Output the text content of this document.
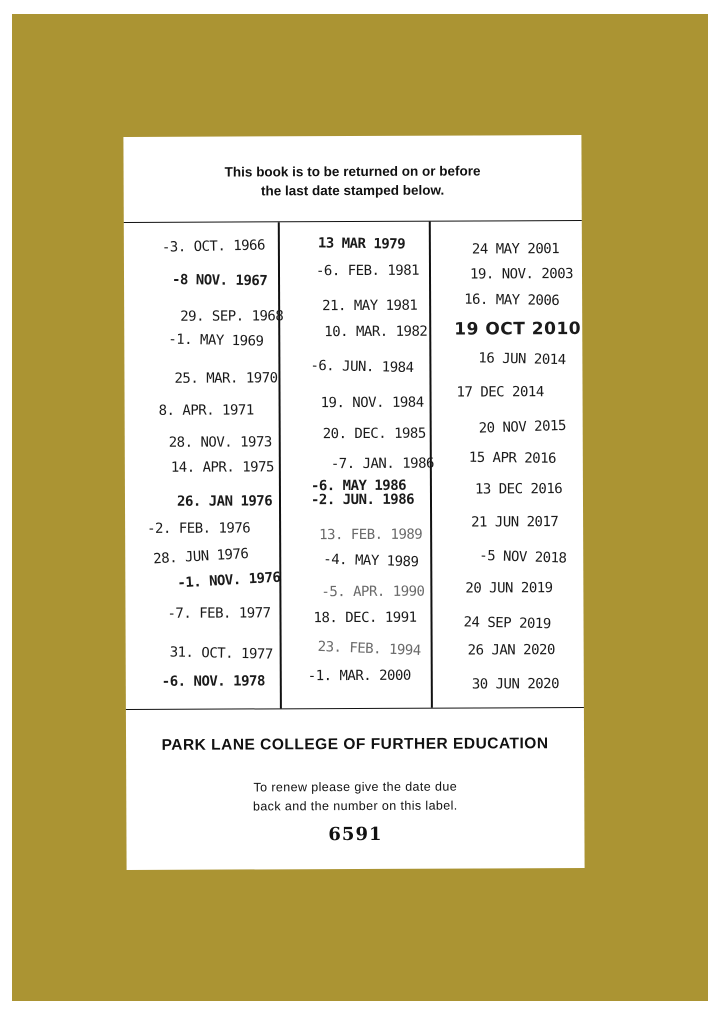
This book is to be returned on or before
the last date stamped below.
-3. OCT. 1966
-8 NOV. 1967
29. SEP. 1968
-1. MAY 1969
25. MAR. 1970
8. APR. 1971
28. NOV. 1973
14. APR. 1975
26. JAN 1976
-2. FEB. 1976
28. JUN 1976
-1. NOV. 1976
-7. FEB. 1977
31. OCT. 1977
-6. NOV. 1978
13 MAR 1979
-6. FEB. 1981
21. MAY 1981
10. MAR. 1982
-6. JUN. 1984
19. NOV. 1984
20. DEC. 1985
-7. JAN. 1986
-6. MAY 1986
-2. JUN. 1986
13. FEB. 1989
-4. MAY 1989
-5. APR. 1990
18. DEC. 1991
23. FEB. 1994
-1. MAR. 2000
24 MAY 2001
19. NOV. 2003
16. MAY 2006
19 OCT 2010
16 JUN 2014
17 DEC 2014
20 NOV 2015
15 APR 2016
13 DEC 2016
21 JUN 2017
-5 NOV 2018
20 JUN 2019
24 SEP 2019
26 JAN 2020
30 JUN 2020
PARK LANE COLLEGE OF FURTHER EDUCATION
To renew please give the date due
back and the number on this label.
6591
